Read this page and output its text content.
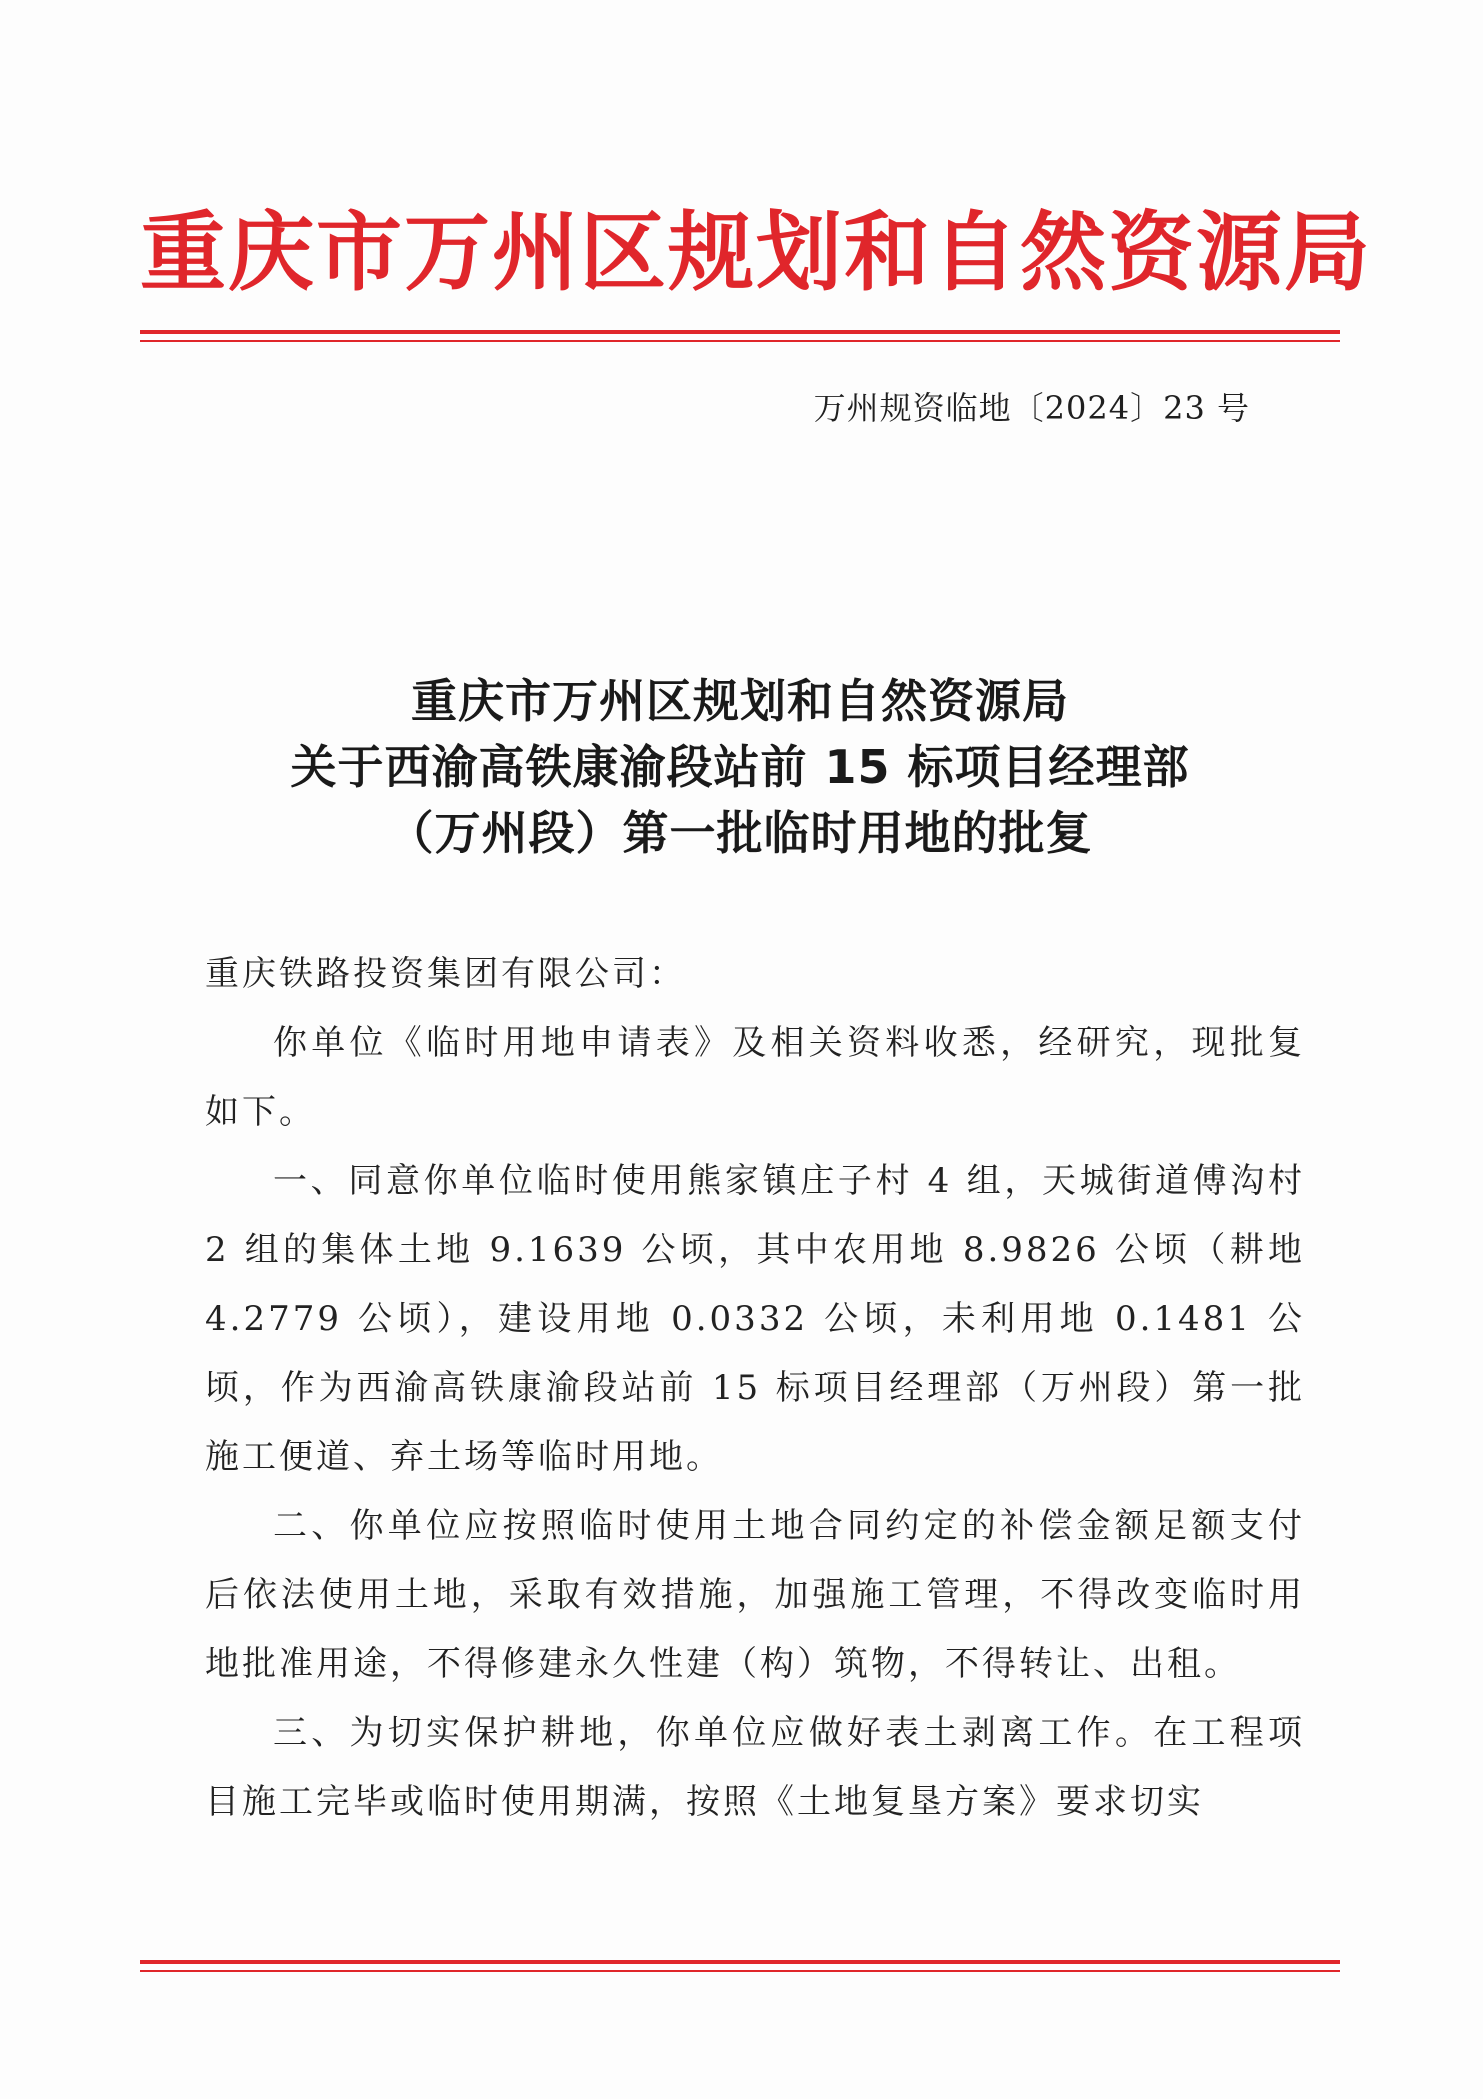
重庆市万州区规划和自然资源局
万州规资临地〔2024〕23 号
重庆市万州区规划和自然资源局
关于西渝高铁康渝段站前 15 标项目经理部
（万州段）第一批临时用地的批复

重庆铁路投资集团有限公司：

你单位《临时用地申请表》及相关资料收悉，经研究，现批复如下。

一、同意你单位临时使用熊家镇庄子村 4 组，天城街道傅沟村 2 组的集体土地 9.1639 公顷，其中农用地 8.9826 公顷（耕地 4.2779 公顷），建设用地 0.0332 公顷，未利用地 0.1481 公顷，作为西渝高铁康渝段站前 15 标项目经理部（万州段）第一批施工便道、弃土场等临时用地。

二、你单位应按照临时使用土地合同约定的补偿金额足额支付后依法使用土地，采取有效措施，加强施工管理，不得改变临时用地批准用途，不得修建永久性建（构）筑物，不得转让、出租。

三、为切实保护耕地，你单位应做好表土剥离工作。在工程项目施工完毕或临时使用期满，按照《土地复垦方案》要求切实
